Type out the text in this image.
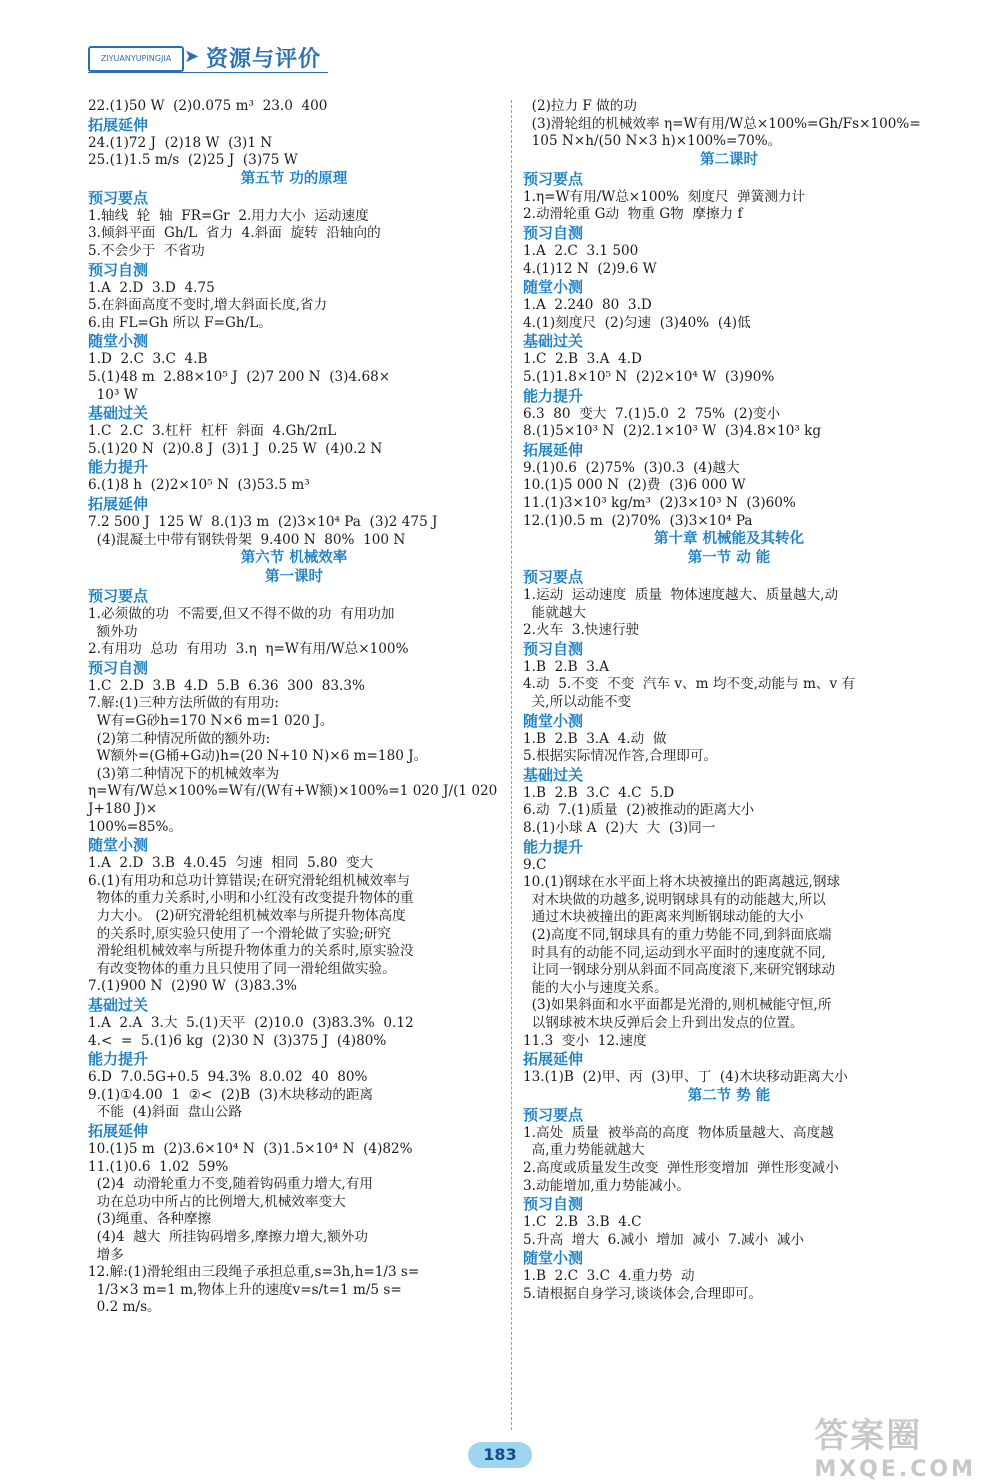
ZIYUANYUPINGJIA ➤ 资源与评价
22.(1)50 W  (2)0.075 m³  23.0  400
拓展延伸
24.(1)72 J  (2)18 W  (3)1 N
25.(1)1.5 m/s  (2)25 J  (3)75 W
第五节 功的原理
预习要点
1.轴线  轮  轴  FR=Gr  2.用力大小  运动速度
3.倾斜平面  Gh/L  省力  4.斜面  旋转  沿轴向的
5.不会少于  不省功
预习自测
1.A  2.D  3.D  4.75
5.在斜面高度不变时,增大斜面长度,省力
6.由 FL=Gh 所以 F=Gh/L。
随堂小测
1.D  2.C  3.C  4.B
5.(1)48 m  2.88×10⁵ J  (2)7 200 N  (3)4.68×
10³ W
基础过关
1.C  2.C  3.杠杆  杠杆  斜面  4.Gh/2πL
5.(1)20 N  (2)0.8 J  (3)1 J  0.25 W  (4)0.2 N
能力提升
6.(1)8 h  (2)2×10⁵ N  (3)53.5 m³
拓展延伸
7.2 500 J  125 W  8.(1)3 m  (2)3×10⁴ Pa  (3)2 475 J
(4)混凝土中带有钢铁骨架  9.400 N  80%  100 N
第六节 机械效率
第一课时
预习要点
1.必须做的功  不需要,但又不得不做的功  有用功加
额外功
2.有用功  总功  有用功  3.η  η=W有用/W总×100%
预习自测
1.C  2.D  3.B  4.D  5.B  6.36  300  83.3%
7.解:(1)三种方法所做的有用功:
W有=G砂h=170 N×6 m=1 020 J。
(2)第二种情况所做的额外功:
W额外=(G桶+G动)h=(20 N+10 N)×6 m=180 J。
(3)第二种情况下的机械效率为
η=W有/W总×100%=W有/(W有+W额)×100%=1 020 J/(1 020 J+180 J)×
100%=85%。
随堂小测
1.A  2.D  3.B  4.0.45  匀速  相同  5.80  变大
6.(1)有用功和总功计算错误;在研究滑轮组机械效率与
物体的重力关系时,小明和小红没有改变提升物体的重
力大小。 (2)研究滑轮组机械效率与所提升物体高度
的关系时,原实验只使用了一个滑轮做了实验;研究
滑轮组机械效率与所提升物体重力的关系时,原实验没
有改变物体的重力且只使用了同一滑轮组做实验。
7.(1)900 N  (2)90 W  (3)83.3%
基础过关
1.A  2.A  3.大  5.(1)天平  (2)10.0  (3)83.3%  0.12
4.<  =  5.(1)6 kg  (2)30 N  (3)375 J  (4)80%
能力提升
6.D  7.0.5G+0.5  94.3%  8.0.02  40  80%
9.(1)①4.00  1  ②<  (2)B  (3)木块移动的距离
不能  (4)斜面  盘山公路
拓展延伸
10.(1)5 m  (2)3.6×10⁴ N  (3)1.5×10⁴ N  (4)82%
11.(1)0.6  1.02  59%
(2)4  动滑轮重力不变,随着钩码重力增大,有用
功在总功中所占的比例增大,机械效率变大
(3)绳重、各种摩擦
(4)4  越大  所挂钩码增多,摩擦力增大,额外功
增多
12.解:(1)滑轮组由三段绳子承担总重,s=3h,h=1/3 s=
1/3×3 m=1 m,物体上升的速度v=s/t=1 m/5 s=
0.2 m/s。
(2)拉力 F 做的功
(3)滑轮组的机械效率 η=W有用/W总×100%=Gh/Fs×100%=
105 N×h/(50 N×3 h)×100%=70%。
第二课时
预习要点
1.η=W有用/W总×100%  刻度尺  弹簧测力计
2.动滑轮重 G动  物重 G物  摩擦力 f
预习自测
1.A  2.C  3.1 500
4.(1)12 N  (2)9.6 W
随堂小测
1.A  2.240  80  3.D
4.(1)刻度尺  (2)匀速  (3)40%  (4)低
基础过关
1.C  2.B  3.A  4.D
5.(1)1.8×10⁵ N  (2)2×10⁴ W  (3)90%
能力提升
6.3  80  变大  7.(1)5.0  2  75%  (2)变小
8.(1)5×10³ N  (2)2.1×10³ W  (3)4.8×10³ kg
拓展延伸
9.(1)0.6  (2)75%  (3)0.3  (4)越大
10.(1)5 000 N  (2)费  (3)6 000 W
11.(1)3×10³ kg/m³  (2)3×10³ N  (3)60%
12.(1)0.5 m  (2)70%  (3)3×10⁴ Pa
第十章 机械能及其转化
第一节 动 能
预习要点
1.运动  运动速度  质量  物体速度越大、质量越大,动
能就越大
2.火车  3.快速行驶
预习自测
1.B  2.B  3.A
4.动  5.不变  不变  汽车 v、m 均不变,动能与 m、v 有
关,所以动能不变
随堂小测
1.B  2.B  3.A  4.动  做
5.根据实际情况作答,合理即可。
基础过关
1.B  2.B  3.C  4.C  5.D
6.动  7.(1)质量  (2)被推动的距离大小
8.(1)小球 A  (2)大  大  (3)同一
能力提升
9.C
10.(1)钢球在水平面上将木块被撞出的距离越远,钢球
对木块做的功越多,说明钢球具有的动能越大,所以
通过木块被撞出的距离来判断钢球动能的大小
(2)高度不同,钢球具有的重力势能不同,到斜面底端
时具有的动能不同,运动到水平面时的速度就不同,
让同一钢球分别从斜面不同高度滚下,来研究钢球动
能的大小与速度关系。
(3)如果斜面和水平面都是光滑的,则机械能守恒,所
以钢球被木块反弹后会上升到出发点的位置。
11.3  变小  12.速度
拓展延伸
13.(1)B  (2)甲、丙  (3)甲、丁  (4)木块移动距离大小
第二节 势 能
预习要点
1.高处  质量  被举高的高度  物体质量越大、高度越
高,重力势能就越大
2.高度或质量发生改变  弹性形变增加  弹性形变减小
3.动能增加,重力势能减小。
预习自测
1.C  2.B  3.B  4.C
5.升高  增大  6.减小  增加  减小  7.减小  减小
随堂小测
1.B  2.C  3.C  4.重力势  动
5.请根据自身学习,谈谈体会,合理即可。
183	答案圈
MXQE.COM
